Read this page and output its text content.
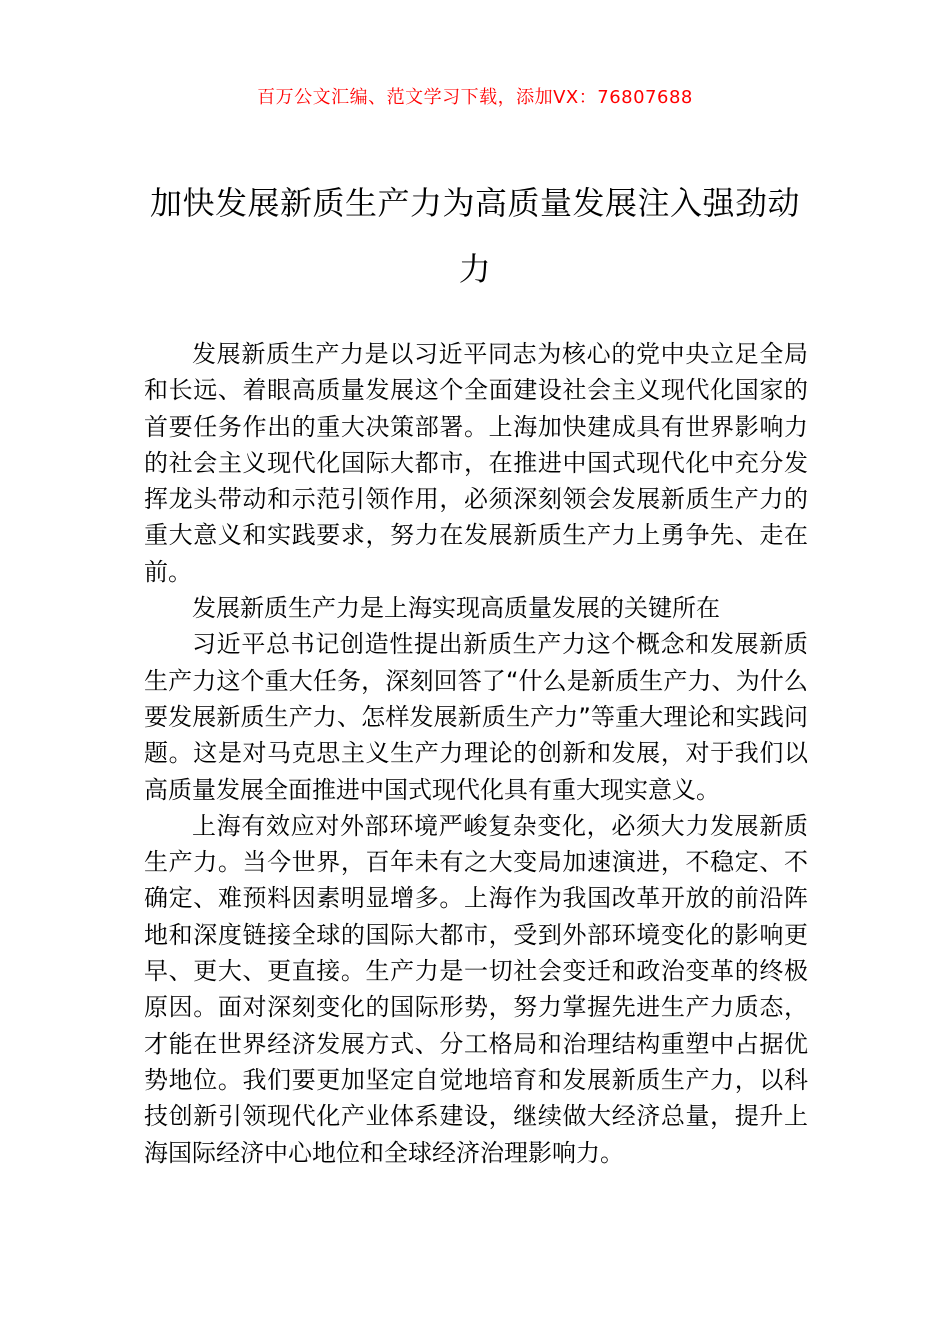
百万公文汇编、范文学习下载，添加VX：76807688
加快发展新质生产力为高质量发展注入强劲动力

发展新质生产力是以习近平同志为核心的党中央立足全局和长远、着眼高质量发展这个全面建设社会主义现代化国家的首要任务作出的重大决策部署。上海加快建成具有世界影响力的社会主义现代化国际大都市，在推进中国式现代化中充分发挥龙头带动和示范引领作用，必须深刻领会发展新质生产力的重大意义和实践要求，努力在发展新质生产力上勇争先、走在前。

发展新质生产力是上海实现高质量发展的关键所在

习近平总书记创造性提出新质生产力这个概念和发展新质生产力这个重大任务，深刻回答了“什么是新质生产力、为什么要发展新质生产力、怎样发展新质生产力”等重大理论和实践问题。这是对马克思主义生产力理论的创新和发展，对于我们以高质量发展全面推进中国式现代化具有重大现实意义。

上海有效应对外部环境严峻复杂变化，必须大力发展新质生产力。当今世界，百年未有之大变局加速演进，不稳定、不确定、难预料因素明显增多。上海作为我国改革开放的前沿阵地和深度链接全球的国际大都市，受到外部环境变化的影响更早、更大、更直接。生产力是一切社会变迁和政治变革的终极原因。面对深刻变化的国际形势，努力掌握先进生产力质态，才能在世界经济发展方式、分工格局和治理结构重塑中占据优势地位。我们要更加坚定自觉地培育和发展新质生产力，以科技创新引领现代化产业体系建设，继续做大经济总量，提升上海国际经济中心地位和全球经济治理影响力。
